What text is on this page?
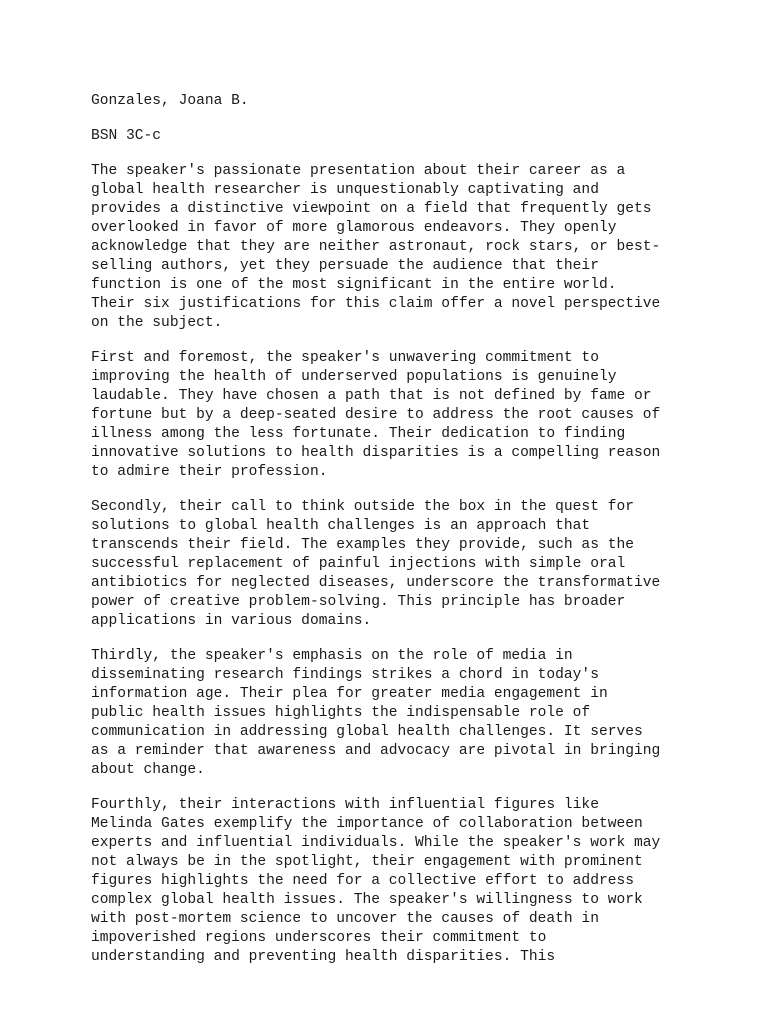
Gonzales, Joana B.
BSN 3C-c
The speaker's passionate presentation about their career as a
global health researcher is unquestionably captivating and
provides a distinctive viewpoint on a field that frequently gets
overlooked in favor of more glamorous endeavors. They openly
acknowledge that they are neither astronaut, rock stars, or best-
selling authors, yet they persuade the audience that their
function is one of the most significant in the entire world.
Their six justifications for this claim offer a novel perspective
on the subject.
First and foremost, the speaker's unwavering commitment to
improving the health of underserved populations is genuinely
laudable. They have chosen a path that is not defined by fame or
fortune but by a deep-seated desire to address the root causes of
illness among the less fortunate. Their dedication to finding
innovative solutions to health disparities is a compelling reason
to admire their profession.
Secondly, their call to think outside the box in the quest for
solutions to global health challenges is an approach that
transcends their field. The examples they provide, such as the
successful replacement of painful injections with simple oral
antibiotics for neglected diseases, underscore the transformative
power of creative problem-solving. This principle has broader
applications in various domains.
Thirdly, the speaker's emphasis on the role of media in
disseminating research findings strikes a chord in today's
information age. Their plea for greater media engagement in
public health issues highlights the indispensable role of
communication in addressing global health challenges. It serves
as a reminder that awareness and advocacy are pivotal in bringing
about change.
Fourthly, their interactions with influential figures like
Melinda Gates exemplify the importance of collaboration between
experts and influential individuals. While the speaker's work may
not always be in the spotlight, their engagement with prominent
figures highlights the need for a collective effort to address
complex global health issues. The speaker's willingness to work
with post-mortem science to uncover the causes of death in
impoverished regions underscores their commitment to
understanding and preventing health disparities. This
